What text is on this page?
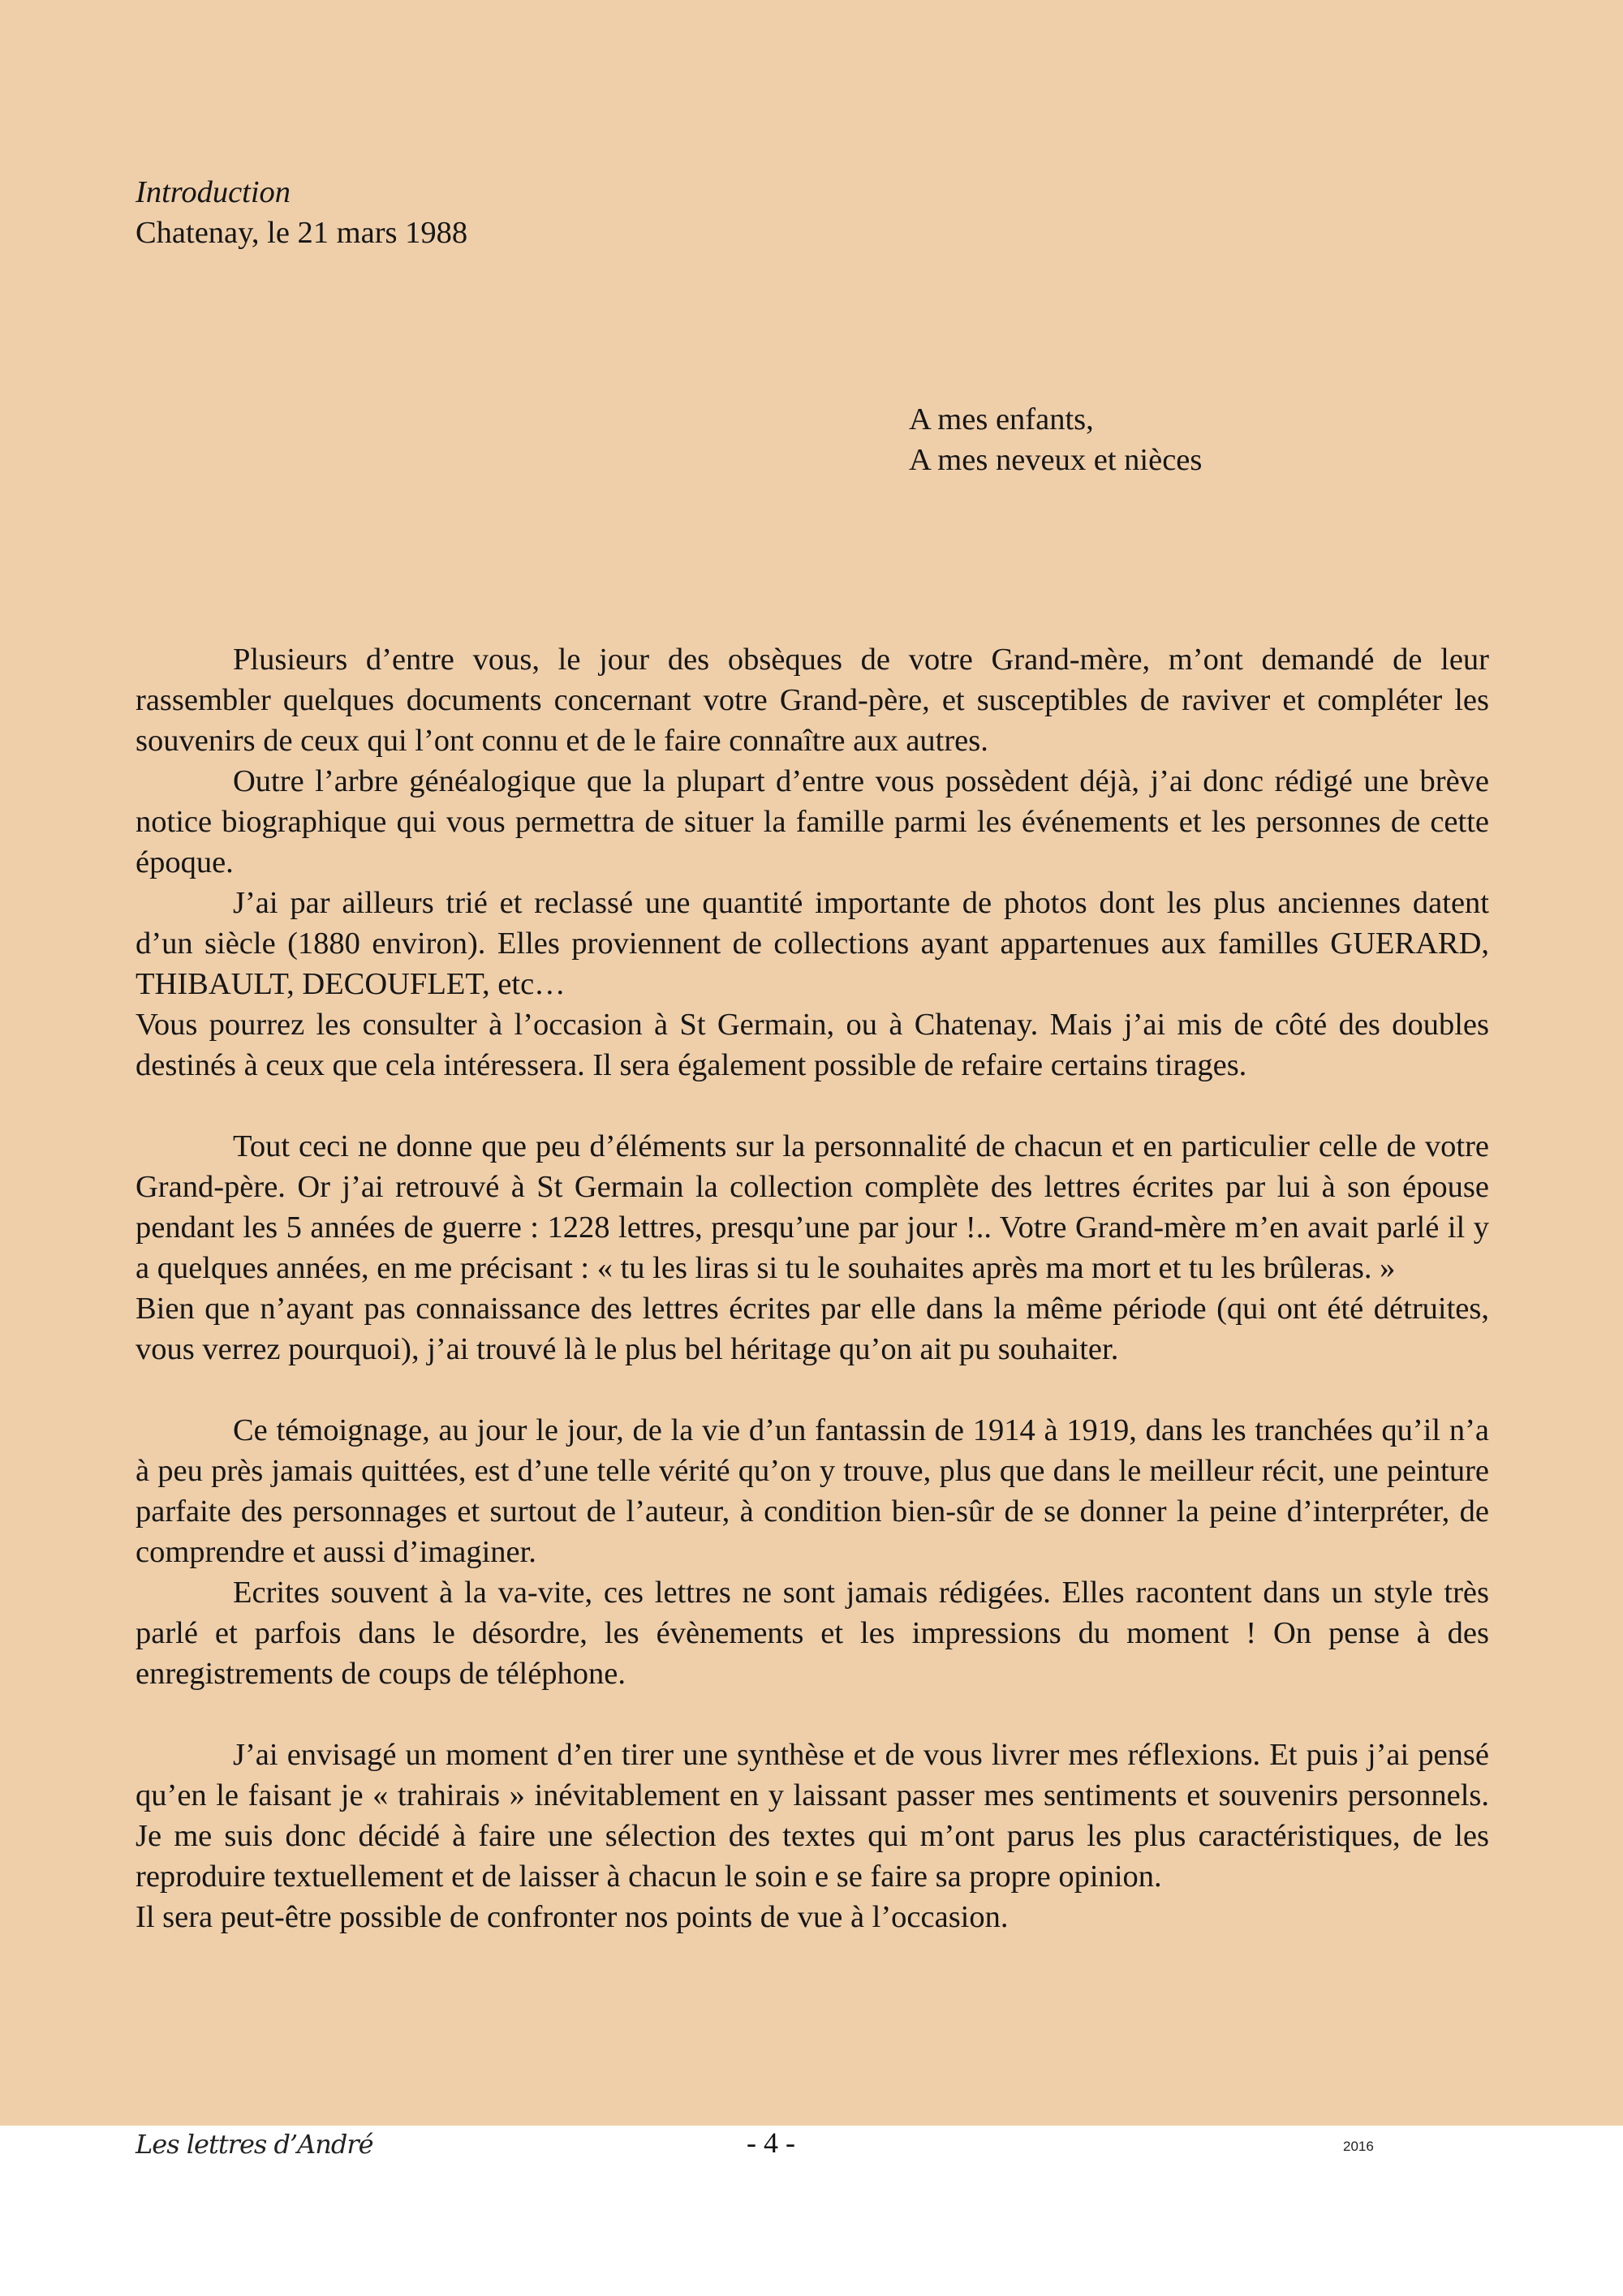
Introduction

Chatenay, le 21 mars 1988

A mes enfants,
A mes neveux et nièces

Plusieurs d’entre vous, le jour des obsèques de votre Grand-mère, m’ont demandé de leur rassembler quelques documents concernant votre Grand-père, et susceptibles de raviver et compléter les souvenirs de ceux qui l’ont connu et de le faire connaître aux autres.

Outre l’arbre généalogique que la plupart d’entre vous possèdent déjà, j’ai donc rédigé une brève notice biographique qui vous permettra de situer la famille parmi les événements et les personnes de cette époque.

J’ai par ailleurs trié et reclassé une quantité importante de photos dont les plus anciennes datent d’un siècle (1880 environ). Elles proviennent de collections ayant appartenues aux familles GUERARD, THIBAULT, DECOUFLET, etc…

Vous pourrez les consulter à l’occasion à St Germain, ou à Chatenay. Mais j’ai mis de côté des doubles destinés à ceux que cela intéressera. Il sera également possible de refaire certains tirages.

Tout ceci ne donne que peu d’éléments sur la personnalité de chacun et en particulier celle de votre Grand-père. Or j’ai retrouvé à St Germain la collection complète des lettres écrites par lui à son épouse pendant les 5 années de guerre : 1228 lettres, presqu’une par jour !.. Votre Grand-mère m’en avait parlé il y a quelques années, en me précisant : « tu les liras si tu le souhaites après ma mort et tu les brûleras. »

Bien que n’ayant pas connaissance des lettres écrites par elle dans la même période (qui ont été détruites, vous verrez pourquoi), j’ai trouvé là le plus bel héritage qu’on ait pu souhaiter.

Ce témoignage, au jour le jour, de la vie d’un fantassin de 1914 à 1919, dans les tranchées qu’il n’a à peu près jamais quittées, est d’une telle vérité qu’on y trouve, plus que dans le meilleur récit, une peinture parfaite des personnages et surtout de l’auteur, à condition bien-sûr de se donner la peine d’interpréter, de comprendre et aussi d’imaginer.

Ecrites souvent à la va-vite, ces lettres ne sont jamais rédigées. Elles racontent dans un style très parlé et parfois dans le désordre, les évènements et les impressions du moment ! On pense à des enregistrements de coups de téléphone.

J’ai envisagé un moment d’en tirer une synthèse et de vous livrer mes réflexions. Et puis j’ai pensé qu’en le faisant je « trahirais » inévitablement en y laissant passer mes sentiments et souvenirs personnels. Je me suis donc décidé à faire une sélection des textes qui m’ont parus les plus caractéristiques, de les reproduire textuellement et de laisser à chacun le soin e se faire sa propre opinion.

Il sera peut-être possible de confronter nos points de vue à l’occasion.

Les lettres d’André	- 4 -	2016
